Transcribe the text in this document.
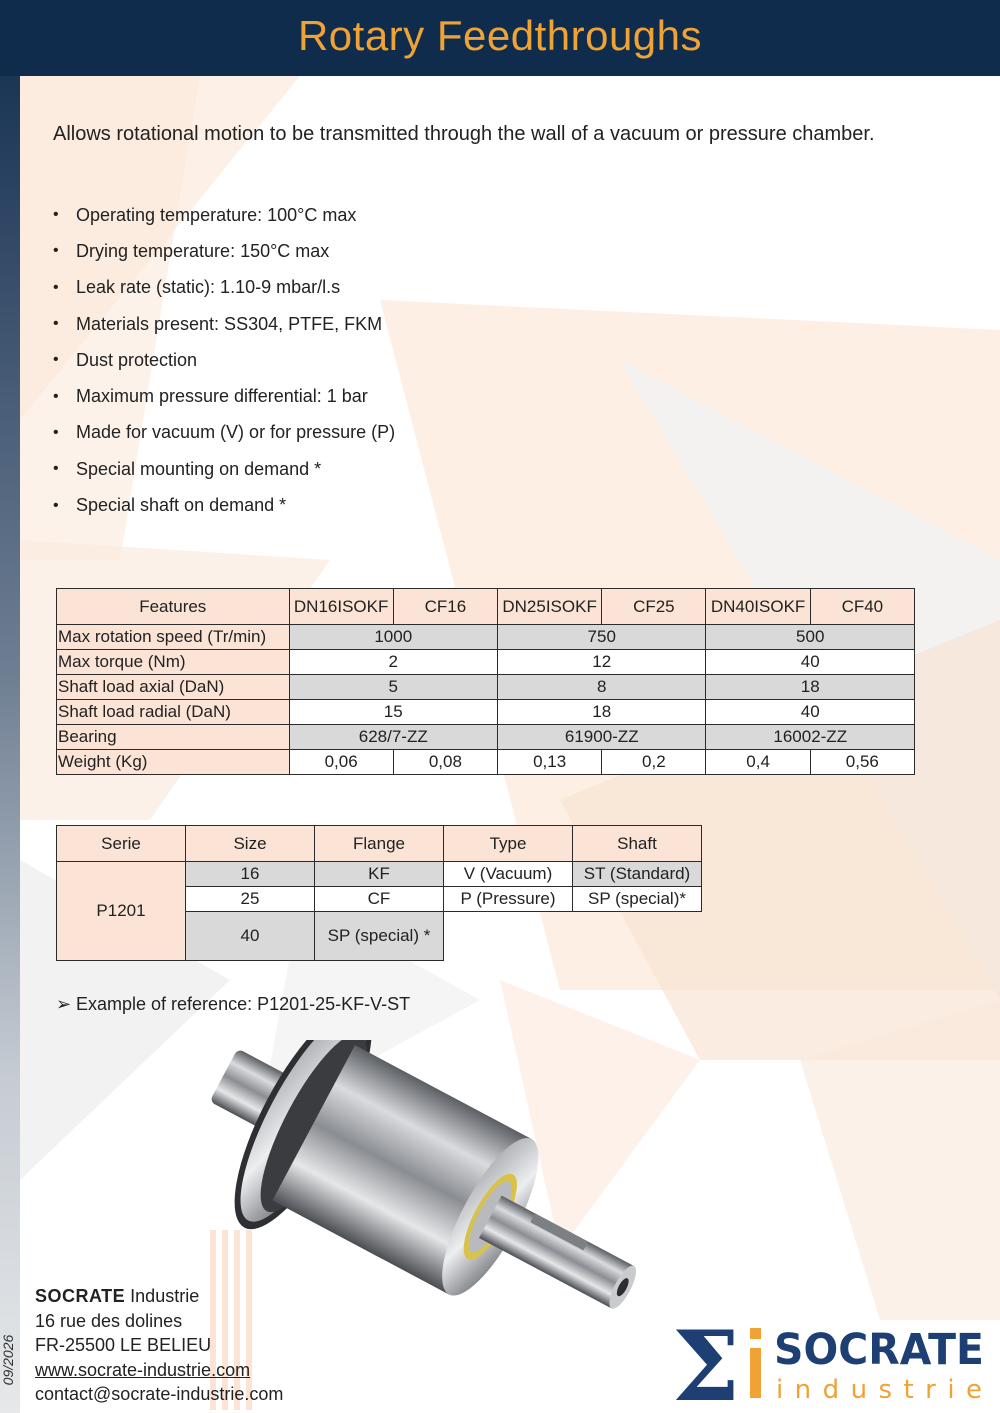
Rotary Feedthroughs
09/2026
Allows rotational motion to be transmitted through the wall of a vacuum or pressure chamber.
• Operating temperature: 100°C max
• Drying temperature: 150°C max
• Leak rate (static): 1.10-9 mbar/l.s
• Materials present: SS304, PTFE, FKM
• Dust protection
• Maximum pressure differential: 1 bar
• Made for vacuum (V) or for pressure (P)
• Special mounting on demand *
• Special shaft on demand *
Features	DN16ISOKF	CF16	DN25ISOKF	CF25	DN40ISOKF	CF40
Max rotation speed (Tr/min)	1000		750		500	
Max torque (Nm)	2		12		40	
Shaft load axial (DaN)	5		8		18	
Shaft load radial (DaN)	15		18		40	
Bearing	628/7-ZZ		61900-ZZ		16002-ZZ	
Weight (Kg)	0,06	0,08	0,13	0,2	0,4	0,56
Serie	Size	Flange	Type	Shaft
P1201	16	KF	V (Vacuum)	ST (Standard)
	25	CF	P (Pressure)	SP (special)*
	40	SP (special) *		
➢ Example of reference: P1201-25-KF-V-ST
SOCRATE Industrie
16 rue des dolines
FR-25500 LE BELIEU
www.socrate-industrie.com
contact@socrate-industrie.com	Σ SOCRATE
industrie
